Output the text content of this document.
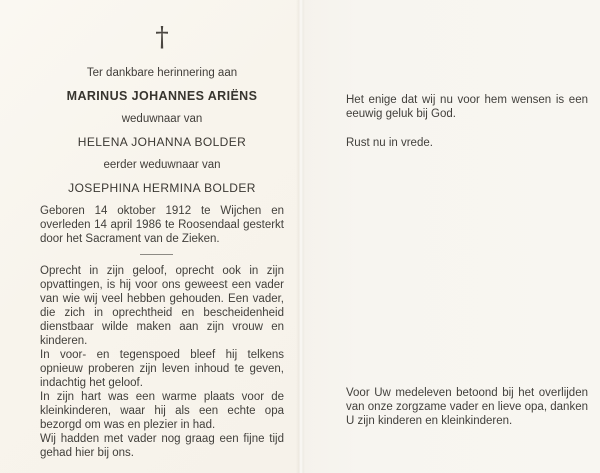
†
Ter dankbare herinnering aan
MARINUS JOHANNES ARIËNS
weduwnaar van
HELENA JOHANNA BOLDER
eerder weduwnaar van
JOSEPHINA HERMINA BOLDER

Geboren 14 oktober 1912 te Wijchen en overleden 14 april 1986 te Roosendaal gesterkt door het Sacrament van de Zieken.

Oprecht in zijn geloof, oprecht ook in zijn opvattingen, is hij voor ons geweest een vader van wie wij veel hebben gehouden. Een vader, die zich in oprechtheid en bescheidenheid dienstbaar wilde maken aan zijn vrouw en kinderen.

In voor- en tegenspoed bleef hij telkens opnieuw proberen zijn leven inhoud te geven, indachtig het geloof.

In zijn hart was een warme plaats voor de kleinkinderen, waar hij als een echte opa bezorgd om was en plezier in had.

Wij hadden met vader nog graag een fijne tijd gehad hier bij ons.

Het enige dat wij nu voor hem wensen is een eeuwig geluk bij God.

Rust nu in vrede.

Voor Uw medeleven betoond bij het overlijden van onze zorgzame vader en lieve opa, danken U zijn kinderen en kleinkinderen.
